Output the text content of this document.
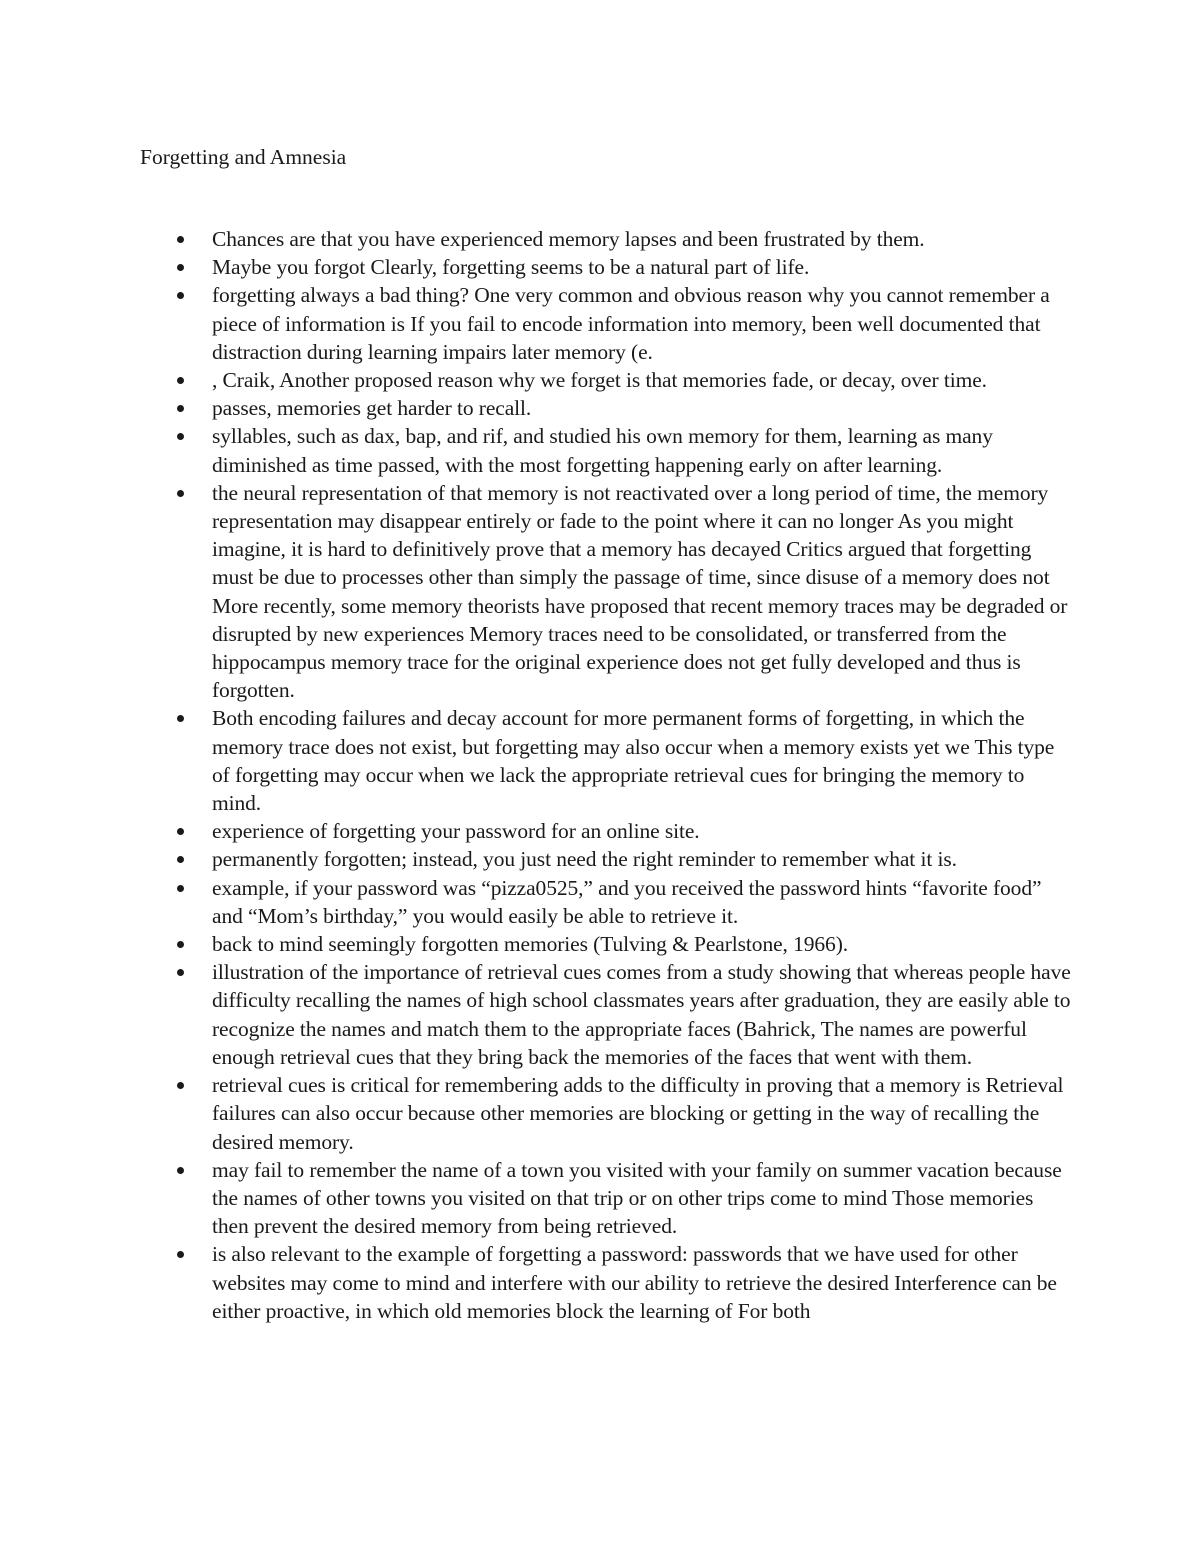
Forgetting and Amnesia
Chances are that you have experienced memory lapses and been frustrated by them.
Maybe you forgot Clearly, forgetting seems to be a natural part of life.
forgetting always a bad thing? One very common and obvious reason why you cannot remember a piece of information is If you fail to encode information into memory, been well documented that distraction during learning impairs later memory (e.
, Craik, Another proposed reason why we forget is that memories fade, or decay, over time.
passes, memories get harder to recall.
syllables, such as dax, bap, and rif, and studied his own memory for them, learning as many diminished as time passed, with the most forgetting happening early on after learning.
the neural representation of that memory is not reactivated over a long period of time, the memory representation may disappear entirely or fade to the point where it can no longer As you might imagine, it is hard to definitively prove that a memory has decayed Critics argued that forgetting must be due to processes other than simply the passage of time, since disuse of a memory does not More recently, some memory theorists have proposed that recent memory traces may be degraded or disrupted by new experiences Memory traces need to be consolidated, or transferred from the hippocampus memory trace for the original experience does not get fully developed and thus is forgotten.
Both encoding failures and decay account for more permanent forms of forgetting, in which the memory trace does not exist, but forgetting may also occur when a memory exists yet we This type of forgetting may occur when we lack the appropriate retrieval cues for bringing the memory to mind.
experience of forgetting your password for an online site.
permanently forgotten; instead, you just need the right reminder to remember what it is.
example, if your password was “pizza0525,” and you received the password hints “favorite food” and “Mom’s birthday,” you would easily be able to retrieve it.
back to mind seemingly forgotten memories (Tulving & Pearlstone, 1966).
illustration of the importance of retrieval cues comes from a study showing that whereas people have difficulty recalling the names of high school classmates years after graduation, they are easily able to recognize the names and match them to the appropriate faces (Bahrick, The names are powerful enough retrieval cues that they bring back the memories of the faces that went with them.
retrieval cues is critical for remembering adds to the difficulty in proving that a memory is Retrieval failures can also occur because other memories are blocking or getting in the way of recalling the desired memory.
may fail to remember the name of a town you visited with your family on summer vacation because the names of other towns you visited on that trip or on other trips come to mind Those memories then prevent the desired memory from being retrieved.
is also relevant to the example of forgetting a password: passwords that we have used for other websites may come to mind and interfere with our ability to retrieve the desired Interference can be either proactive, in which old memories block the learning of For both
